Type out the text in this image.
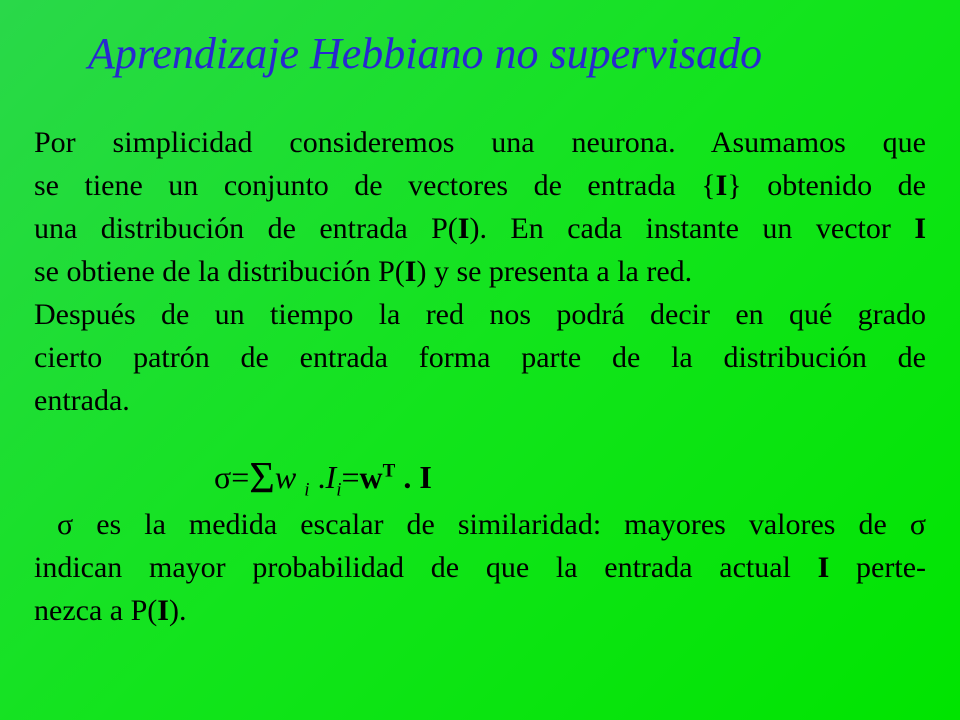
Aprendizaje Hebbiano no supervisado
Por simplicidad consideremos una neurona. Asumamos que
se tiene un conjunto de vectores de entrada {I} obtenido de
una distribución de entrada P(I). En cada instante un vector I
se obtiene de la distribución P(I) y se presenta a la red.
Después de un tiempo la red nos podrá decir en qué grado
cierto patrón de entrada forma parte de la distribución de
entrada.
σ=Σw $_i$ $.I_i=w^T$ . I
σ es la medida escalar de similaridad: mayores valores de σ
indican mayor probabilidad de que la entrada actual I perte-
nezca a P(I).
